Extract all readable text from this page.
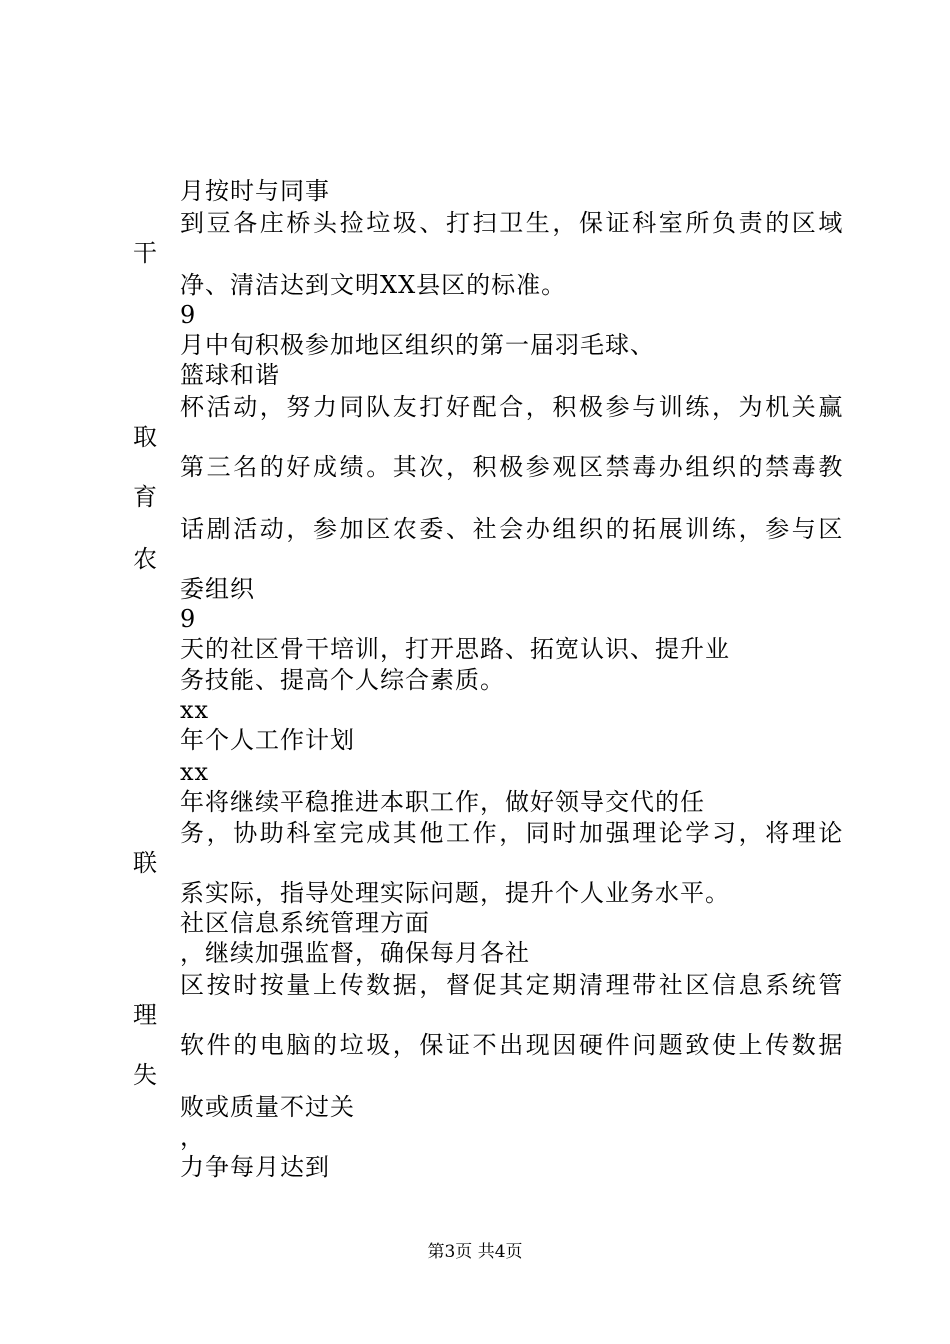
月按时与同事
到豆各庄桥头捡垃圾、打扫卫生，保证科室所负责的区域
干
净、清洁达到文明XX县区的标准。
9
月中旬积极参加地区组织的第一届羽毛球、
篮球和谐
杯活动，努力同队友打好配合，积极参与训练，为机关赢
取
第三名的好成绩。其次，积极参观区禁毒办组织的禁毒教
育
话剧活动，参加区农委、社会办组织的拓展训练，参与区
农
委组织
9
天的社区骨干培训，打开思路、拓宽认识、提升业
务技能、提高个人综合素质。
xx
年个人工作计划
xx
年将继续平稳推进本职工作，做好领导交代的任
务，协助科室完成其他工作，同时加强理论学习，将理论
联
系实际，指导处理实际问题，提升个人业务水平。
社区信息系统管理方面
，继续加强监督，确保每月各社
区按时按量上传数据，督促其定期清理带社区信息系统管
理
软件的电脑的垃圾，保证不出现因硬件问题致使上传数据
失
败或质量不过关
，
力争每月达到
第3页 共4页
